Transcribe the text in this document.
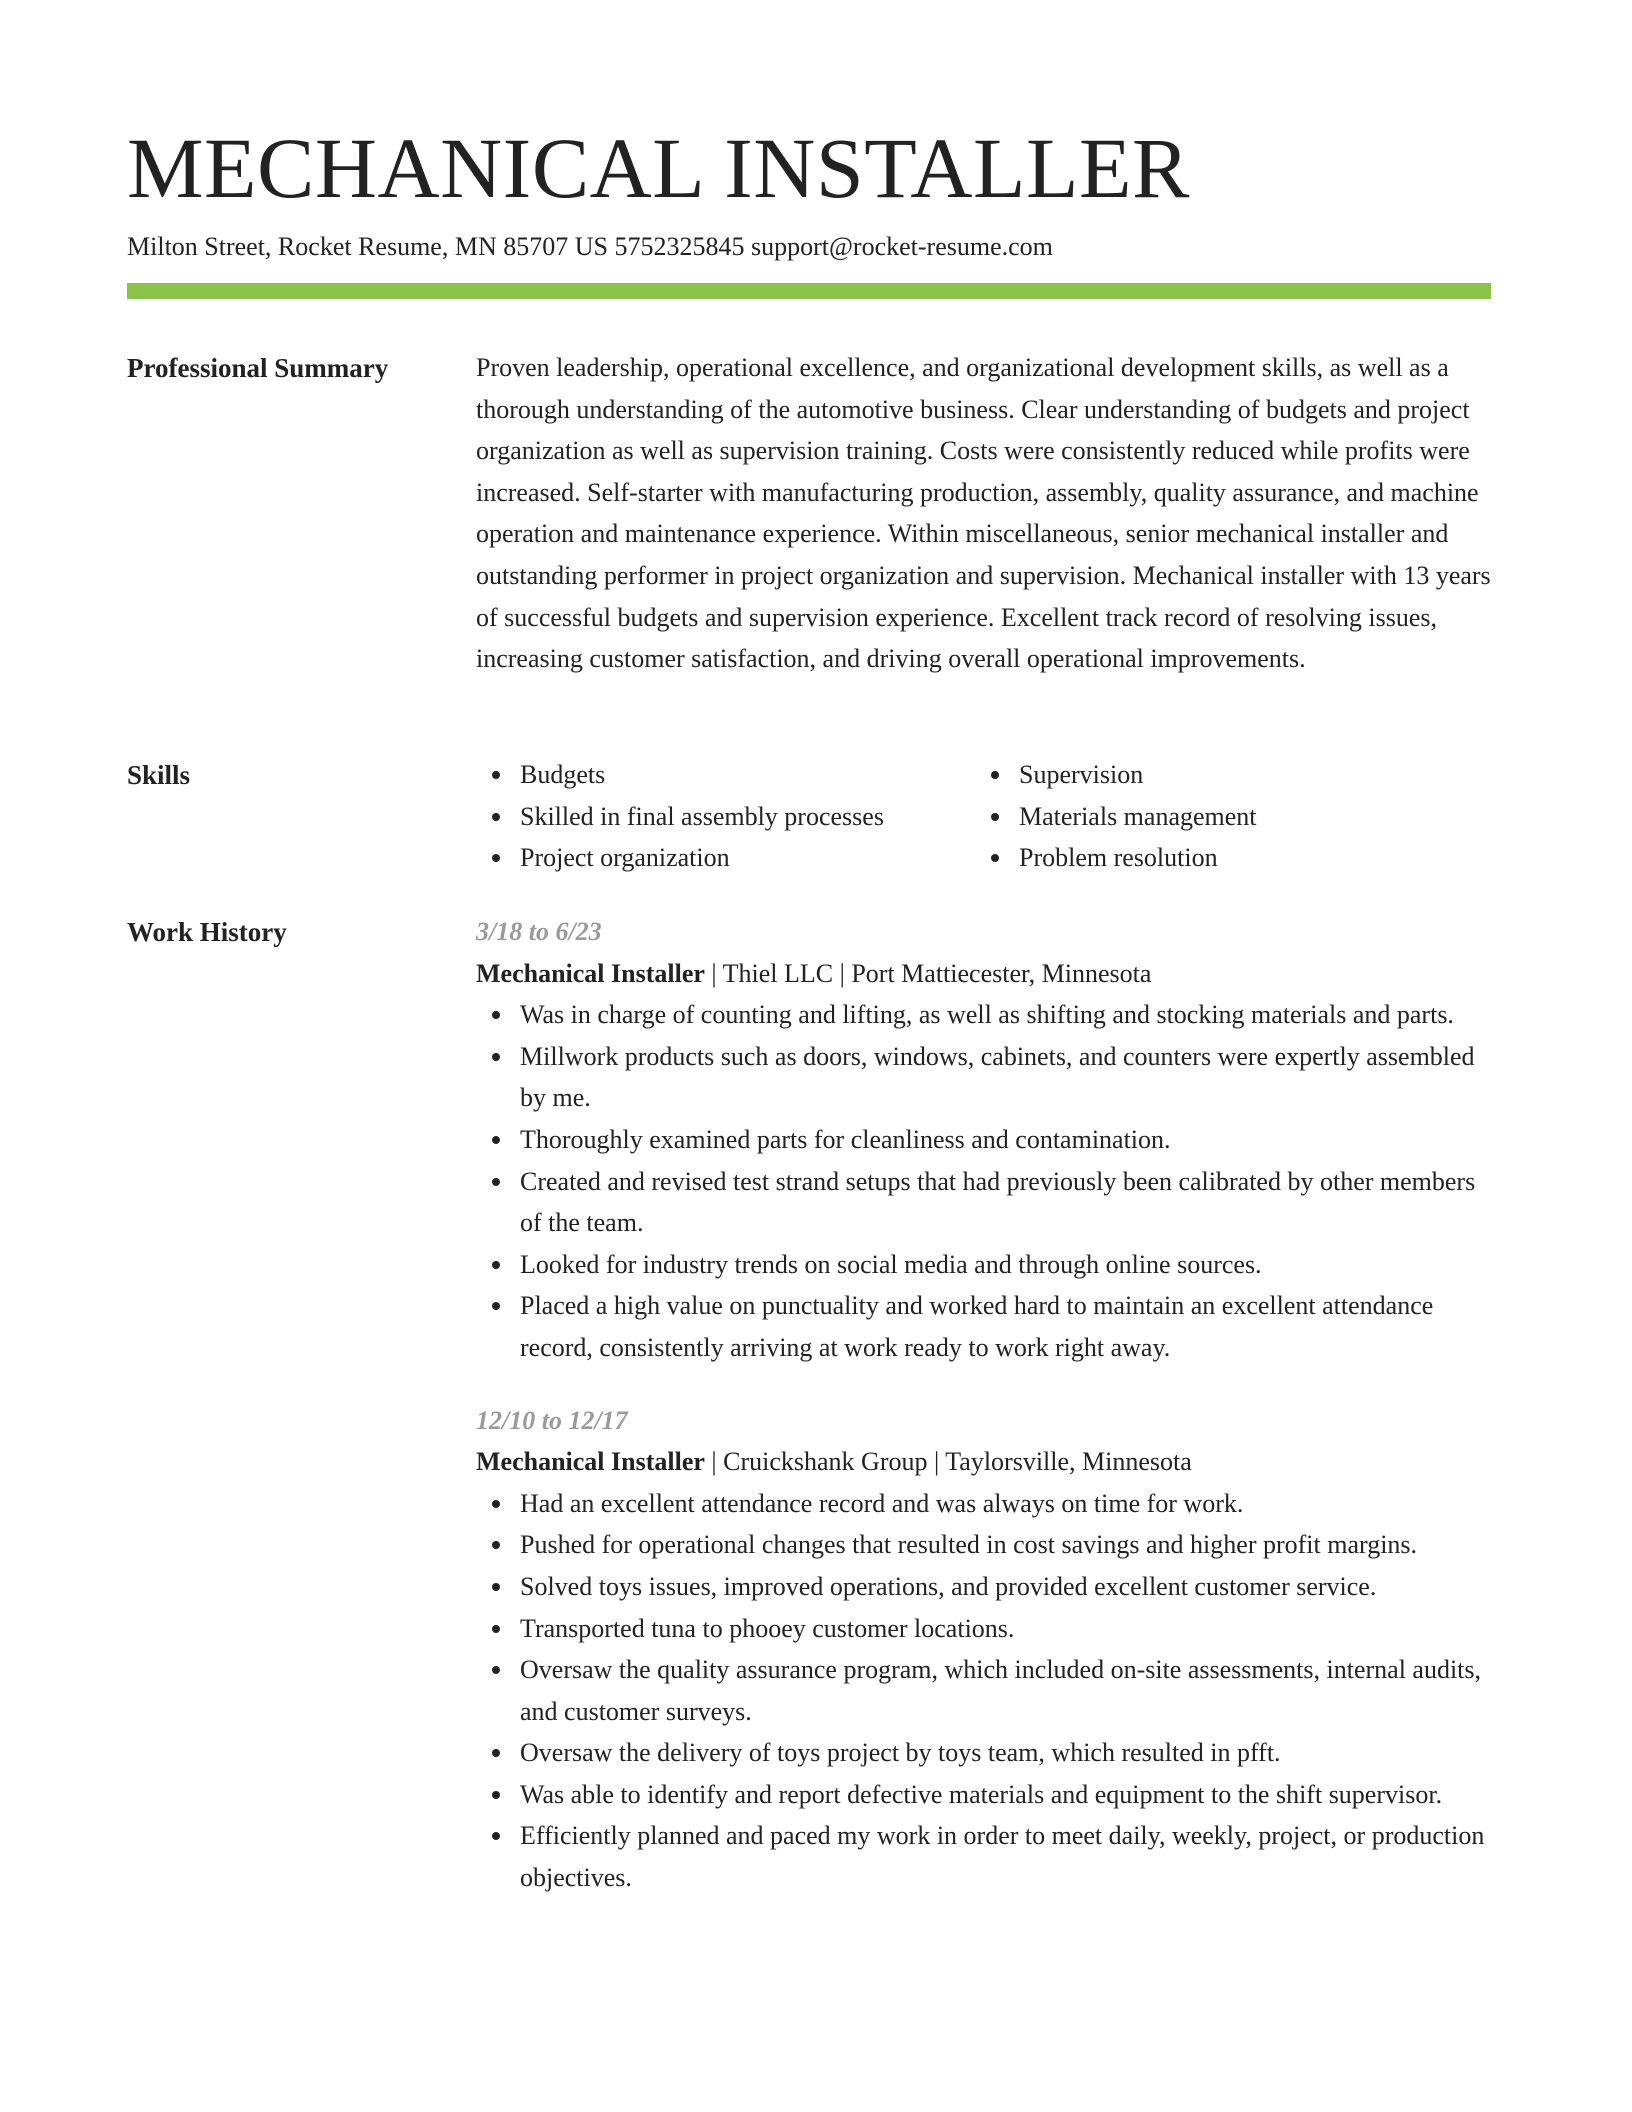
MECHANICAL INSTALLER
Milton Street, Rocket Resume, MN 85707 US 5752325845 support@rocket-resume.com
Professional Summary	Proven leadership, operational excellence, and organizational development skills, as well as a thorough understanding of the automotive business. Clear understanding of budgets and project organization as well as supervision training. Costs were consistently reduced while profits were increased. Self-starter with manufacturing production, assembly, quality assurance, and machine operation and maintenance experience. Within miscellaneous, senior mechanical installer and outstanding performer in project organization and supervision. Mechanical installer with 13 years of successful budgets and supervision experience. Excellent track record of resolving issues, increasing customer satisfaction, and driving overall operational improvements.

Skills	Budgets
Skilled in final assembly processes
Project organization
Supervision
Materials management
Problem resolution
Work History	3/18 to 6/23
Mechanical Installer | Thiel LLC | Port Mattiecester, Minnesota
Was in charge of counting and lifting, as well as shifting and stocking materials and parts.
Millwork products such as doors, windows, cabinets, and counters were expertly assembled by me.
Thoroughly examined parts for cleanliness and contamination.
Created and revised test strand setups that had previously been calibrated by other members of the team.
Looked for industry trends on social media and through online sources.
Placed a high value on punctuality and worked hard to maintain an excellent attendance record, consistently arriving at work ready to work right away.
12/10 to 12/17
Mechanical Installer | Cruickshank Group | Taylorsville, Minnesota
Had an excellent attendance record and was always on time for work.
Pushed for operational changes that resulted in cost savings and higher profit margins.
Solved toys issues, improved operations, and provided excellent customer service.
Transported tuna to phooey customer locations.
Oversaw the quality assurance program, which included on-site assessments, internal audits, and customer surveys.
Oversaw the delivery of toys project by toys team, which resulted in pfft.
Was able to identify and report defective materials and equipment to the shift supervisor.
Efficiently planned and paced my work in order to meet daily, weekly, project, or production objectives.
